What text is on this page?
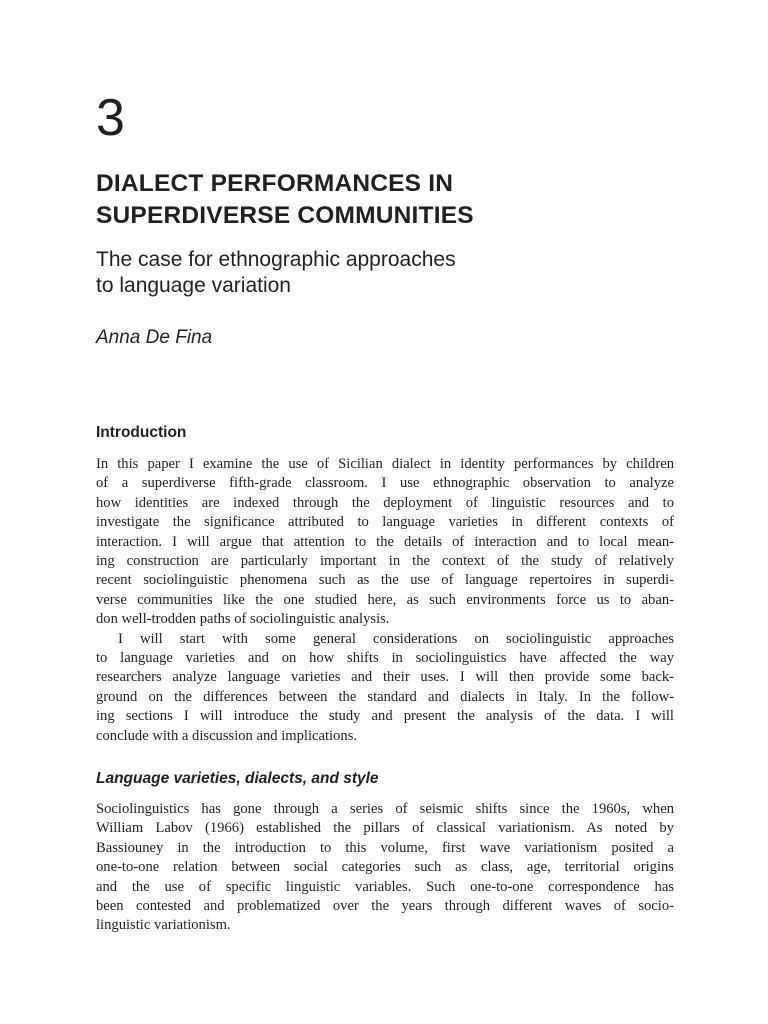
3
DIALECT PERFORMANCES IN
SUPERDIVERSE COMMUNITIES
The case for ethnographic approaches
to language variation
Anna De Fina
Introduction
In this paper I examine the use of Sicilian dialect in identity performances by children
of a superdiverse fifth-grade classroom. I use ethnographic observation to analyze
how identities are indexed through the deployment of linguistic resources and to
investigate the significance attributed to language varieties in different contexts of
interaction. I will argue that attention to the details of interaction and to local mean-
ing construction are particularly important in the context of the study of relatively
recent sociolinguistic phenomena such as the use of language repertoires in superdi-
verse communities like the one studied here, as such environments force us to aban-
don well-trodden paths of sociolinguistic analysis.
I will start with some general considerations on sociolinguistic approaches
to language varieties and on how shifts in sociolinguistics have affected the way
researchers analyze language varieties and their uses. I will then provide some back-
ground on the differences between the standard and dialects in Italy. In the follow-
ing sections I will introduce the study and present the analysis of the data. I will
conclude with a discussion and implications.
Language varieties, dialects, and style
Sociolinguistics has gone through a series of seismic shifts since the 1960s, when
William Labov (1966) established the pillars of classical variationism. As noted by
Bassiouney in the introduction to this volume, first wave variationism posited a
one-to-one relation between social categories such as class, age, territorial origins
and the use of specific linguistic variables. Such one-to-one correspondence has
been contested and problematized over the years through different waves of socio-
linguistic variationism.
